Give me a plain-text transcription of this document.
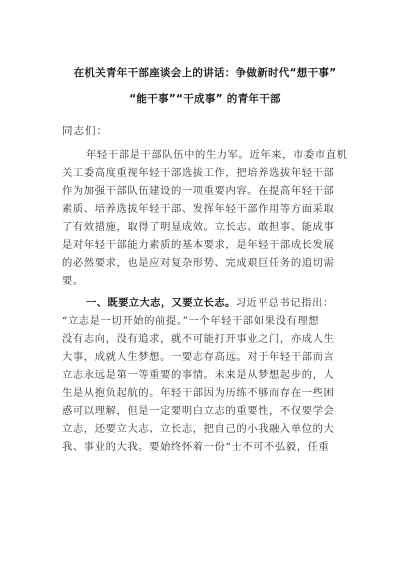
在机关青年干部座谈会上的讲话：争做新时代“想干事”
“能干事”“干成事” 的青年干部
同志们：
年轻干部是干部队伍中的生力军。近年来，市委市直机
关工委高度重视年轻干部选拔工作，把培养选拔年轻干部
作为加强干部队伍建设的一项重要内容。在提高年轻干部
素质、培养选拔年轻干部、发挥年轻干部作用等方面采取
了有效措施，取得了明显成效。立长志、敢担事、能成事
是对年轻干部能力素质的基本要求，是年轻干部成长发展
的必然要求，也是应对复杂形势、完成艰巨任务的追切需
要。
一、既要立大志，又要立长志。习近平总书记指出：
“立志是一切开始的前提。”一个年轻干部如果没有理想
没有志向，没有追求，就不可能打开事业之门，亦成人生
大事，成就人生梦想。一要志存高远。对于年轻干部而言
立志永远是第一等重要的事情。未来是从梦想起步的，人
生是从抱负起航的。年轻干部因为历练不够而存在一些困
惑可以理解，但是一定要明白立志的重要性，不仅要学会
立志，还要立大志、立长志，把自己的小我融入单位的大
我、事业的大我。要始终怀着一份“士不可不弘毅，任重
